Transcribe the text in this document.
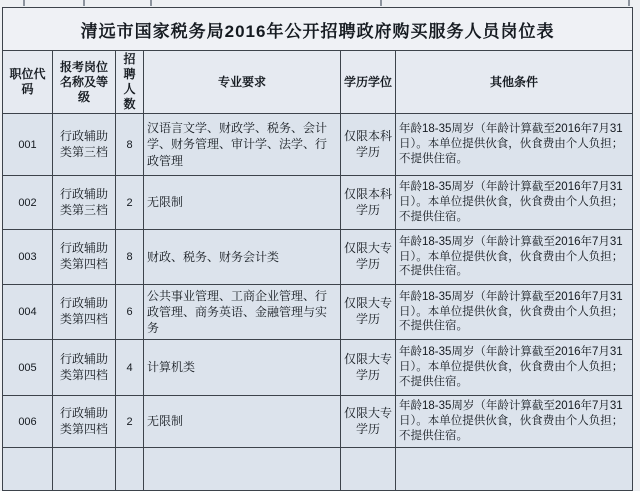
清远市国家税务局2016年公开招聘政府购买服务人员岗位表					
职位代码	报考岗位名称及等级	招聘人数	专业要求	学历学位	其他条件
001	行政辅助类第三档	8	汉语言文学、财政学、税务、会计学、财务管理、审计学、法学、行政管理	仅限本科学历	年龄18-35周岁（年龄计算截至2016年7月31日）。本单位提供伙食，伙食费由个人负担；不提供住宿。
002	行政辅助类第三档	2	无限制	仅限本科学历	年龄18-35周岁（年龄计算截至2016年7月31日）。本单位提供伙食，伙食费由个人负担；不提供住宿。
003	行政辅助类第四档	8	财政、税务、财务会计类	仅限大专学历	年龄18-35周岁（年龄计算截至2016年7月31日）。本单位提供伙食，伙食费由个人负担；不提供住宿。
004	行政辅助类第四档	6	公共事业管理、工商企业管理、行政管理、商务英语、金融管理与实务	仅限大专学历	年龄18-35周岁（年龄计算截至2016年7月31日）。本单位提供伙食，伙食费由个人负担；不提供住宿。
005	行政辅助类第四档	4	计算机类	仅限大专学历	年龄18-35周岁（年龄计算截至2016年7月31日）。本单位提供伙食，伙食费由个人负担；不提供住宿。
006	行政辅助类第四档	2	无限制	仅限大专学历	年龄18-35周岁（年龄计算截至2016年7月31日）。本单位提供伙食，伙食费由个人负担；不提供住宿。
